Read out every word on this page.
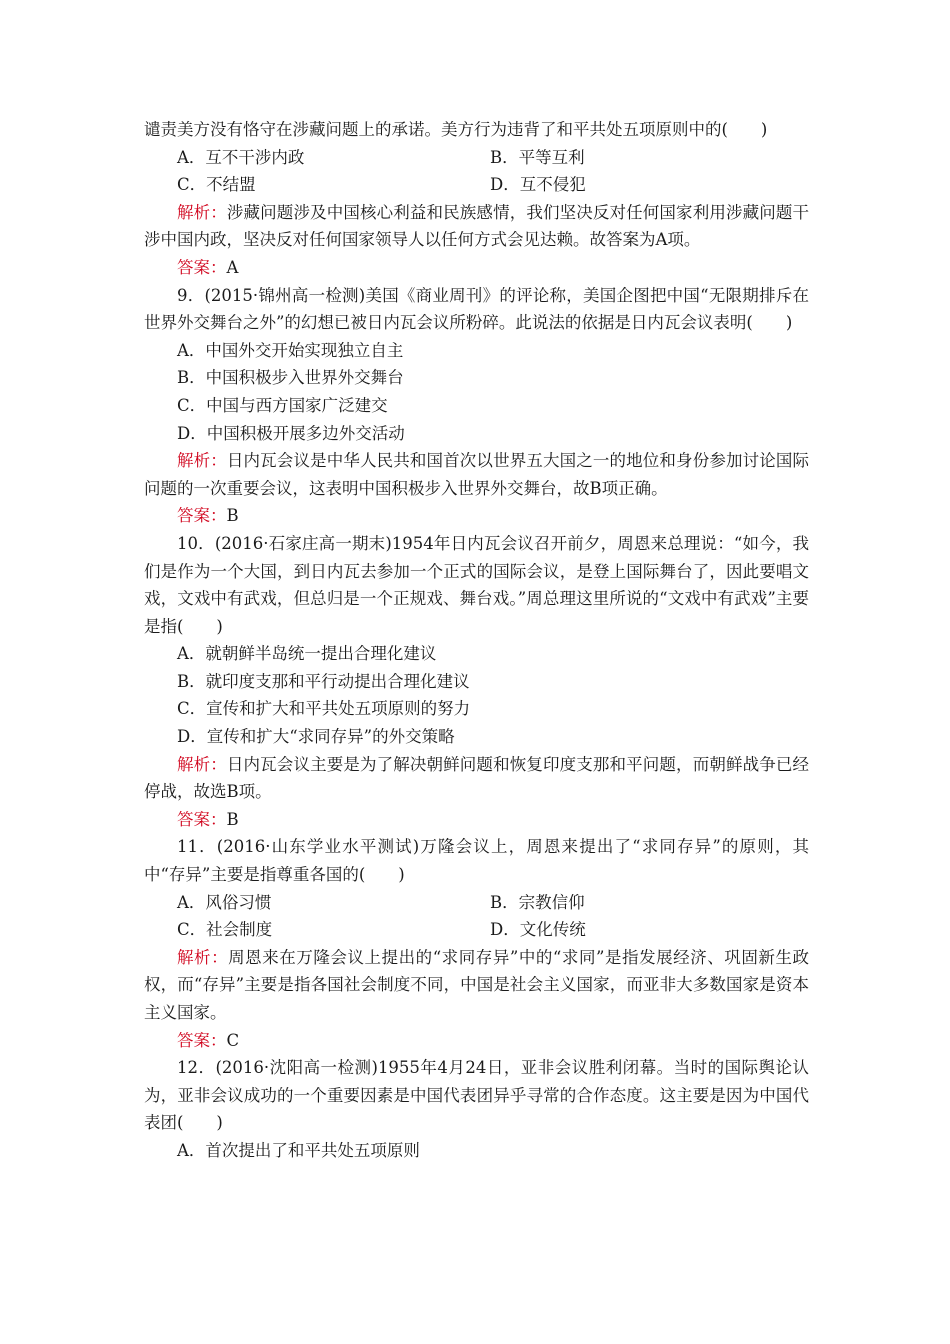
谴责美方没有恪守在涉藏问题上的承诺。美方行为违背了和平共处五项原则中的(　　)

A．互不干涉内政	B．平等互利
C．不结盟	D．互不侵犯

解析：涉藏问题涉及中国核心利益和民族感情，我们坚决反对任何国家利用涉藏问题干涉中国内政，坚决反对任何国家领导人以任何方式会见达赖。故答案为A项。

答案：A

9．(2015·锦州高一检测)美国《商业周刊》的评论称，美国企图把中国“无限期排斥在世界外交舞台之外”的幻想已被日内瓦会议所粉碎。此说法的依据是日内瓦会议表明(　　)

A．中国外交开始实现独立自主

B．中国积极步入世界外交舞台

C．中国与西方国家广泛建交

D．中国积极开展多边外交活动

解析：日内瓦会议是中华人民共和国首次以世界五大国之一的地位和身份参加讨论国际问题的一次重要会议，这表明中国积极步入世界外交舞台，故B项正确。

答案：B

10．(2016·石家庄高一期末)1954年日内瓦会议召开前夕，周恩来总理说：“如今，我们是作为一个大国，到日内瓦去参加一个正式的国际会议，是登上国际舞台了，因此要唱文戏，文戏中有武戏，但总归是一个正规戏、舞台戏。”周总理这里所说的“文戏中有武戏”主要是指(　　)

A．就朝鲜半岛统一提出合理化建议

B．就印度支那和平行动提出合理化建议

C．宣传和扩大和平共处五项原则的努力

D．宣传和扩大“求同存异”的外交策略

解析：日内瓦会议主要是为了解决朝鲜问题和恢复印度支那和平问题，而朝鲜战争已经停战，故选B项。

答案：B

11．(2016·山东学业水平测试)万隆会议上，周恩来提出了“求同存异”的原则，其中“存异”主要是指尊重各国的(　　)

A．风俗习惯	B．宗教信仰
C．社会制度	D．文化传统

解析：周恩来在万隆会议上提出的“求同存异”中的“求同”是指发展经济、巩固新生政权，而“存异”主要是指各国社会制度不同，中国是社会主义国家，而亚非大多数国家是资本主义国家。

答案：C

12．(2016·沈阳高一检测)1955年4月24日，亚非会议胜利闭幕。当时的国际舆论认为，亚非会议成功的一个重要因素是中国代表团异乎寻常的合作态度。这主要是因为中国代表团(　　)

A．首次提出了和平共处五项原则
